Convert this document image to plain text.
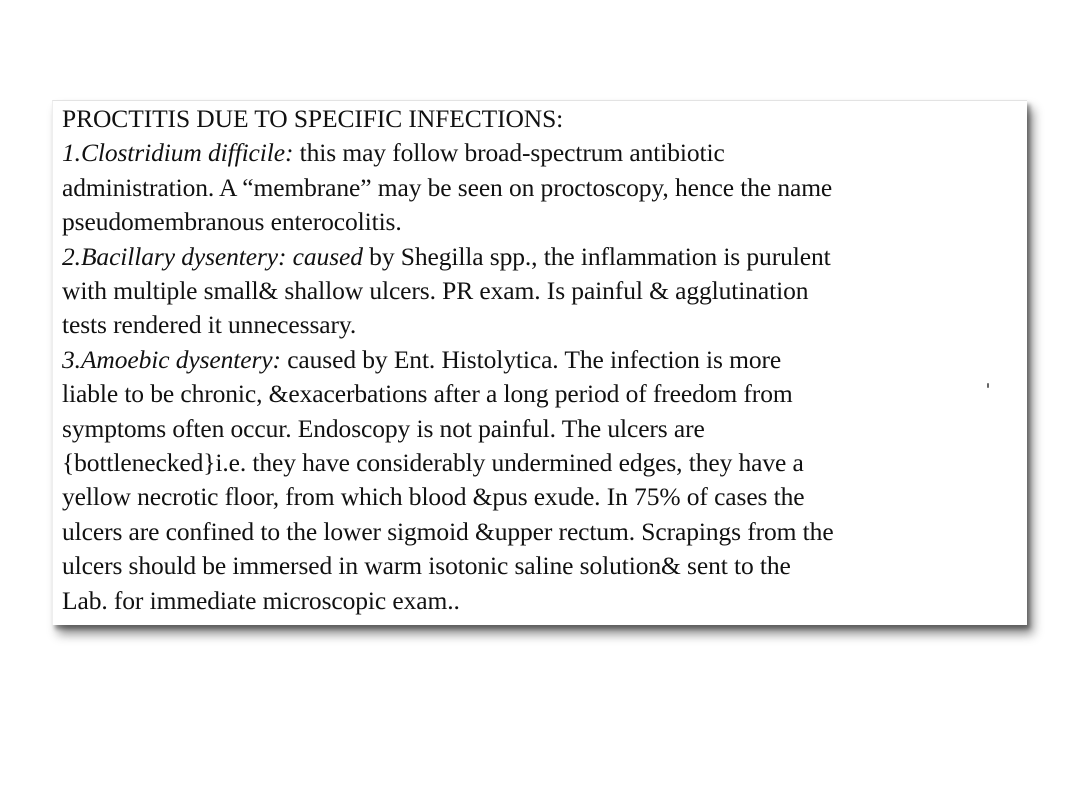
PROCTITIS DUE TO SPECIFIC INFECTIONS:
1.Clostridium difficile: this may follow broad-spectrum antibiotic
administration. A “membrane” may be seen on proctoscopy, hence the name
pseudomembranous enterocolitis.
2.Bacillary dysentery: caused by Shegilla spp., the inflammation is purulent
with multiple small& shallow ulcers. PR exam. Is painful & agglutination
tests rendered it unnecessary.
3.Amoebic dysentery: caused by Ent. Histolytica. The infection is more
liable to be chronic, &exacerbations after a long period of freedom from
symptoms often occur. Endoscopy is not painful. The ulcers are
{bottlenecked}i.e. they have considerably undermined edges, they have a
yellow necrotic floor, from which blood &pus exude. In 75% of cases the
ulcers are confined to the lower sigmoid &upper rectum. Scrapings from the
ulcers should be immersed in warm isotonic saline solution& sent to the
Lab. for immediate microscopic exam..
